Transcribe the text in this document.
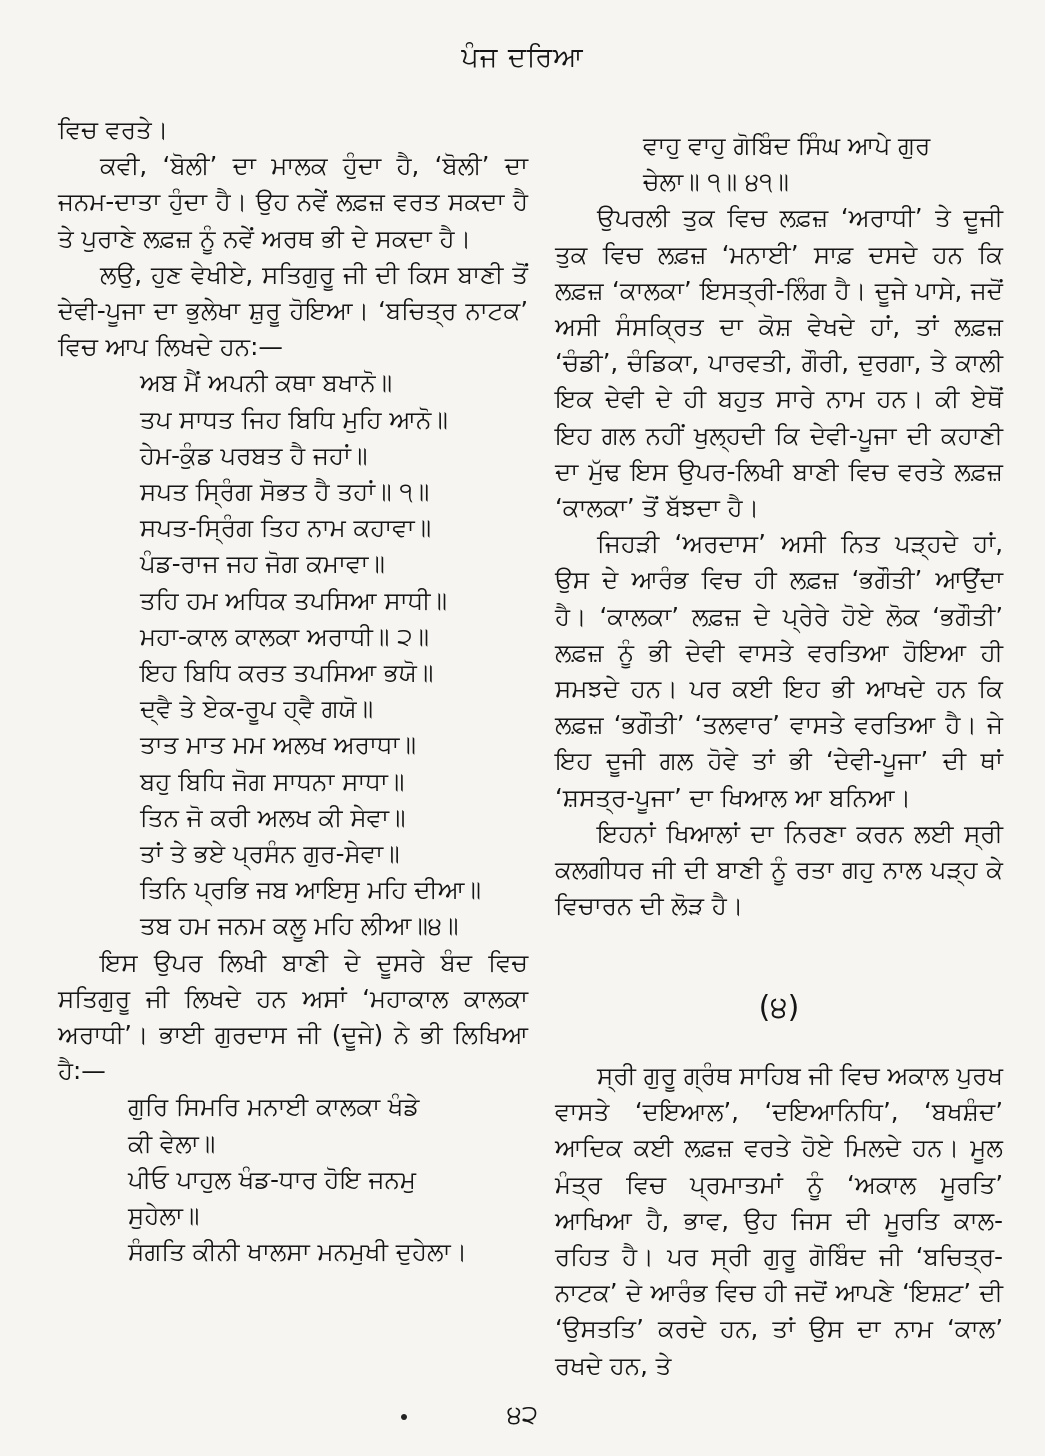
ਪੰਜ ਦਰਿਆ

ਵਿਚ ਵਰਤੇ।

ਕਵੀ, ‘ਬੋਲੀ’ ਦਾ ਮਾਲਕ ਹੁੰਦਾ ਹੈ, ‘ਬੋਲੀ’ ਦਾ ਜਨਮ-ਦਾਤਾ ਹੁੰਦਾ ਹੈ। ਉਹ ਨਵੇਂ ਲਫ਼ਜ਼ ਵਰਤ ਸਕਦਾ ਹੈ ਤੇ ਪੁਰਾਣੇ ਲਫ਼ਜ਼ ਨੂੰ ਨਵੇਂ ਅਰਥ ਭੀ ਦੇ ਸਕਦਾ ਹੈ।

ਲਉ, ਹੁਣ ਵੇਖੀਏ, ਸਤਿਗੁਰੂ ਜੀ ਦੀ ਕਿਸ ਬਾਣੀ ਤੋਂ ਦੇਵੀ-ਪੂਜਾ ਦਾ ਭੁਲੇਖਾ ਸ਼ੁਰੂ ਹੋਇਆ। ‘ਬਚਿਤ੍ਰ ਨਾਟਕ’ ਵਿਚ ਆਪ ਲਿਖਦੇ ਹਨ:—

ਅਬ ਮੈਂ ਅਪਨੀ ਕਥਾ ਬਖਾਨੋ॥
ਤਪ ਸਾਧਤ ਜਿਹ ਬਿਧਿ ਮੁਹਿ ਆਨੋ॥
ਹੇਮ-ਕੁੰਡ ਪਰਬਤ ਹੈ ਜਹਾਂ॥
ਸਪਤ ਸ੍ਰਿੰਗ ਸੋਭਤ ਹੈ ਤਹਾਂ॥ ੧॥
ਸਪਤ-ਸ੍ਰਿੰਗ ਤਿਹ ਨਾਮ ਕਹਾਵਾ॥
ਪੰਡ-ਰਾਜ ਜਹ ਜੋਗ ਕਮਾਵਾ॥
ਤਹਿ ਹਮ ਅਧਿਕ ਤਪਸਿਆ ਸਾਧੀ॥
ਮਹਾ-ਕਾਲ ਕਾਲਕਾ ਅਰਾਧੀ॥ ੨॥
ਇਹ ਬਿਧਿ ਕਰਤ ਤਪਸਿਆ ਭਯੋ॥
ਦ੍ਵੈ ਤੇ ਏਕ-ਰੂਪ ਹ੍ਵੈ ਗਯੋ॥
ਤਾਤ ਮਾਤ ਮਮ ਅਲਖ ਅਰਾਧਾ॥
ਬਹੁ ਬਿਧਿ ਜੋਗ ਸਾਧਨਾ ਸਾਧਾ॥
ਤਿਨ ਜੋ ਕਰੀ ਅਲਖ ਕੀ ਸੇਵਾ॥
ਤਾਂ ਤੇ ਭਏ ਪ੍ਰਸੰਨ ਗੁਰ-ਸੇਵਾ॥
ਤਿਨਿ ਪ੍ਰਭਿ ਜਬ ਆਇਸੁ ਮਹਿ ਦੀਆ॥
ਤਬ ਹਮ ਜਨਮ ਕਲੂ ਮਹਿ ਲੀਆ॥੪॥

ਇਸ ਉਪਰ ਲਿਖੀ ਬਾਣੀ ਦੇ ਦੂਸਰੇ ਬੰਦ ਵਿਚ ਸਤਿਗੁਰੂ ਜੀ ਲਿਖਦੇ ਹਨ ਅਸਾਂ ‘ਮਹਾਕਾਲ ਕਾਲਕਾ ਅਰਾਧੀ’। ਭਾਈ ਗੁਰਦਾਸ ਜੀ (ਦੂਜੇ) ਨੇ ਭੀ ਲਿਖਿਆ ਹੈ:—

ਗੁਰਿ ਸਿਮਰਿ ਮਨਾਈ ਕਾਲਕਾ ਖੰਡੇ
ਕੀ ਵੇਲਾ॥
ਪੀਓ ਪਾਹੁਲ ਖੰਡ-ਧਾਰ ਹੋਇ ਜਨਮੁ
ਸੁਹੇਲਾ॥
ਸੰਗਤਿ ਕੀਨੀ ਖਾਲਸਾ ਮਨਮੁਖੀ ਦੁਹੇਲਾ।
ਵਾਹੁ ਵਾਹੁ ਗੋਬਿੰਦ ਸਿੰਘ ਆਪੇ ਗੁਰ
ਚੇਲਾ॥ ੧॥ ੪੧॥

ਉਪਰਲੀ ਤੁਕ ਵਿਚ ਲਫ਼ਜ਼ ‘ਅਰਾਧੀ’ ਤੇ ਦੂਜੀ ਤੁਕ ਵਿਚ ਲਫ਼ਜ਼ ‘ਮਨਾਈ’ ਸਾਫ਼ ਦਸਦੇ ਹਨ ਕਿ ਲਫ਼ਜ਼ ‘ਕਾਲਕਾ’ ਇਸਤ੍ਰੀ-ਲਿੰਗ ਹੈ। ਦੂਜੇ ਪਾਸੇ, ਜਦੋਂ ਅਸੀ ਸੰਸਕ੍ਰਿਤ ਦਾ ਕੋਸ਼ ਵੇਖਦੇ ਹਾਂ, ਤਾਂ ਲਫ਼ਜ਼ ‘ਚੰਡੀ’, ਚੰਡਿਕਾ, ਪਾਰਵਤੀ, ਗੌਰੀ, ਦੁਰਗਾ, ਤੇ ਕਾਲੀ ਇਕ ਦੇਵੀ ਦੇ ਹੀ ਬਹੁਤ ਸਾਰੇ ਨਾਮ ਹਨ। ਕੀ ਏਥੋਂ ਇਹ ਗਲ ਨਹੀਂ ਖੁਲ੍ਹਦੀ ਕਿ ਦੇਵੀ-ਪੂਜਾ ਦੀ ਕਹਾਣੀ ਦਾ ਮੁੱਢ ਇਸ ਉਪਰ-ਲਿਖੀ ਬਾਣੀ ਵਿਚ ਵਰਤੇ ਲਫ਼ਜ਼ ‘ਕਾਲਕਾ’ ਤੋਂ ਬੱਝਦਾ ਹੈ।

ਜਿਹੜੀ ‘ਅਰਦਾਸ’ ਅਸੀ ਨਿਤ ਪੜ੍ਹਦੇ ਹਾਂ, ਉਸ ਦੇ ਆਰੰਭ ਵਿਚ ਹੀ ਲਫ਼ਜ਼ ‘ਭਗੌਤੀ’ ਆਉਂਦਾ ਹੈ। ‘ਕਾਲਕਾ’ ਲਫ਼ਜ਼ ਦੇ ਪ੍ਰੇਰੇ ਹੋਏ ਲੋਕ ‘ਭਗੌਤੀ’ ਲਫ਼ਜ਼ ਨੂੰ ਭੀ ਦੇਵੀ ਵਾਸਤੇ ਵਰਤਿਆ ਹੋਇਆ ਹੀ ਸਮਝਦੇ ਹਨ। ਪਰ ਕਈ ਇਹ ਭੀ ਆਖਦੇ ਹਨ ਕਿ ਲਫ਼ਜ਼ ‘ਭਗੌਤੀ’ ‘ਤਲਵਾਰ’ ਵਾਸਤੇ ਵਰਤਿਆ ਹੈ। ਜੇ ਇਹ ਦੂਜੀ ਗਲ ਹੋਵੇ ਤਾਂ ਭੀ ‘ਦੇਵੀ-ਪੂਜਾ’ ਦੀ ਥਾਂ ‘ਸ਼ਸਤ੍ਰ-ਪੂਜਾ’ ਦਾ ਖਿਆਲ ਆ ਬਨਿਆ।

ਇਹਨਾਂ ਖਿਆਲਾਂ ਦਾ ਨਿਰਣਾ ਕਰਨ ਲਈ ਸ੍ਰੀ ਕਲਗੀਧਰ ਜੀ ਦੀ ਬਾਣੀ ਨੂੰ ਰਤਾ ਗਹੁ ਨਾਲ ਪੜ੍ਹ ਕੇ ਵਿਚਾਰਨ ਦੀ ਲੋੜ ਹੈ।

(੪)

ਸ੍ਰੀ ਗੁਰੂ ਗ੍ਰੰਥ ਸਾਹਿਬ ਜੀ ਵਿਚ ਅਕਾਲ ਪੁਰਖ ਵਾਸਤੇ ‘ਦਇਆਲ’, ‘ਦਇਆਨਿਧਿ’, ‘ਬਖਸ਼ੰਦ’ ਆਦਿਕ ਕਈ ਲਫ਼ਜ਼ ਵਰਤੇ ਹੋਏ ਮਿਲਦੇ ਹਨ। ਮੂਲ ਮੰਤ੍ਰ ਵਿਚ ਪ੍ਰਮਾਤਮਾਂ ਨੂੰ ‘ਅਕਾਲ ਮੂਰਤਿ’ ਆਖਿਆ ਹੈ, ਭਾਵ, ਉਹ ਜਿਸ ਦੀ ਮੂਰਤਿ ਕਾਲ-ਰਹਿਤ ਹੈ। ਪਰ ਸ੍ਰੀ ਗੁਰੂ ਗੋਬਿੰਦ ਜੀ ‘ਬਚਿਤ੍ਰ-ਨਾਟਕ’ ਦੇ ਆਰੰਭ ਵਿਚ ਹੀ ਜਦੋਂ ਆਪਣੇ ‘ਇਸ਼ਟ’ ਦੀ ‘ਉਸਤਤਿ’ ਕਰਦੇ ਹਨ, ਤਾਂ ਉਸ ਦਾ ਨਾਮ ‘ਕਾਲ’ ਰਖਦੇ ਹਨ, ਤੇ

੪੨
